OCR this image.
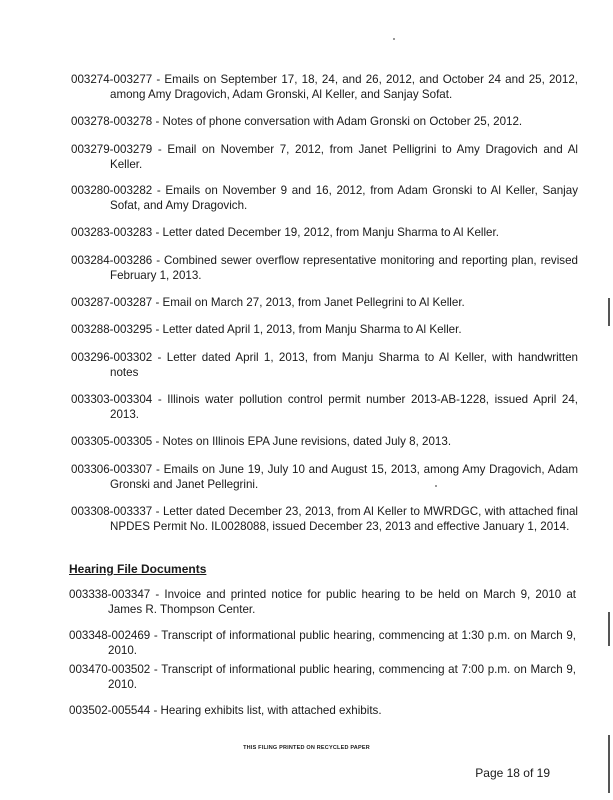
003274-003277 - Emails on September 17, 18, 24, and 26, 2012, and October 24 and 25, 2012, among Amy Dragovich, Adam Gronski, Al Keller, and Sanjay Sofat.
003278-003278 - Notes of phone conversation with Adam Gronski on October 25, 2012.
003279-003279 - Email on November 7, 2012, from Janet Pelligrini to Amy Dragovich and Al Keller.
003280-003282 - Emails on November 9 and 16, 2012, from Adam Gronski to Al Keller, Sanjay Sofat, and Amy Dragovich.
003283-003283 - Letter dated December 19, 2012, from Manju Sharma to Al Keller.
003284-003286 - Combined sewer overflow representative monitoring and reporting plan, revised February 1, 2013.
003287-003287 - Email on March 27, 2013, from Janet Pellegrini to Al Keller.
003288-003295 - Letter dated April 1, 2013, from Manju Sharma to Al Keller.
003296-003302 - Letter dated April 1, 2013, from Manju Sharma to Al Keller, with handwritten notes
003303-003304 - Illinois water pollution control permit number 2013-AB-1228, issued April 24, 2013.
003305-003305 - Notes on Illinois EPA June revisions, dated July 8, 2013.
003306-003307 - Emails on June 19, July 10 and August 15, 2013, among Amy Dragovich, Adam Gronski and Janet Pellegrini.
003308-003337 - Letter dated December 23, 2013, from Al Keller to MWRDGC, with attached final NPDES Permit No. IL0028088, issued December 23, 2013 and effective January 1, 2014.
Hearing File Documents
003338-003347 - Invoice and printed notice for public hearing to be held on March 9, 2010 at James R. Thompson Center.
003348-002469 - Transcript of informational public hearing, commencing at 1:30 p.m. on March 9, 2010.
003470-003502 - Transcript of informational public hearing, commencing at 7:00 p.m. on March 9, 2010.
003502-005544 - Hearing exhibits list, with attached exhibits.
THIS FILING PRINTED ON RECYCLED PAPER
Page 18 of 19
